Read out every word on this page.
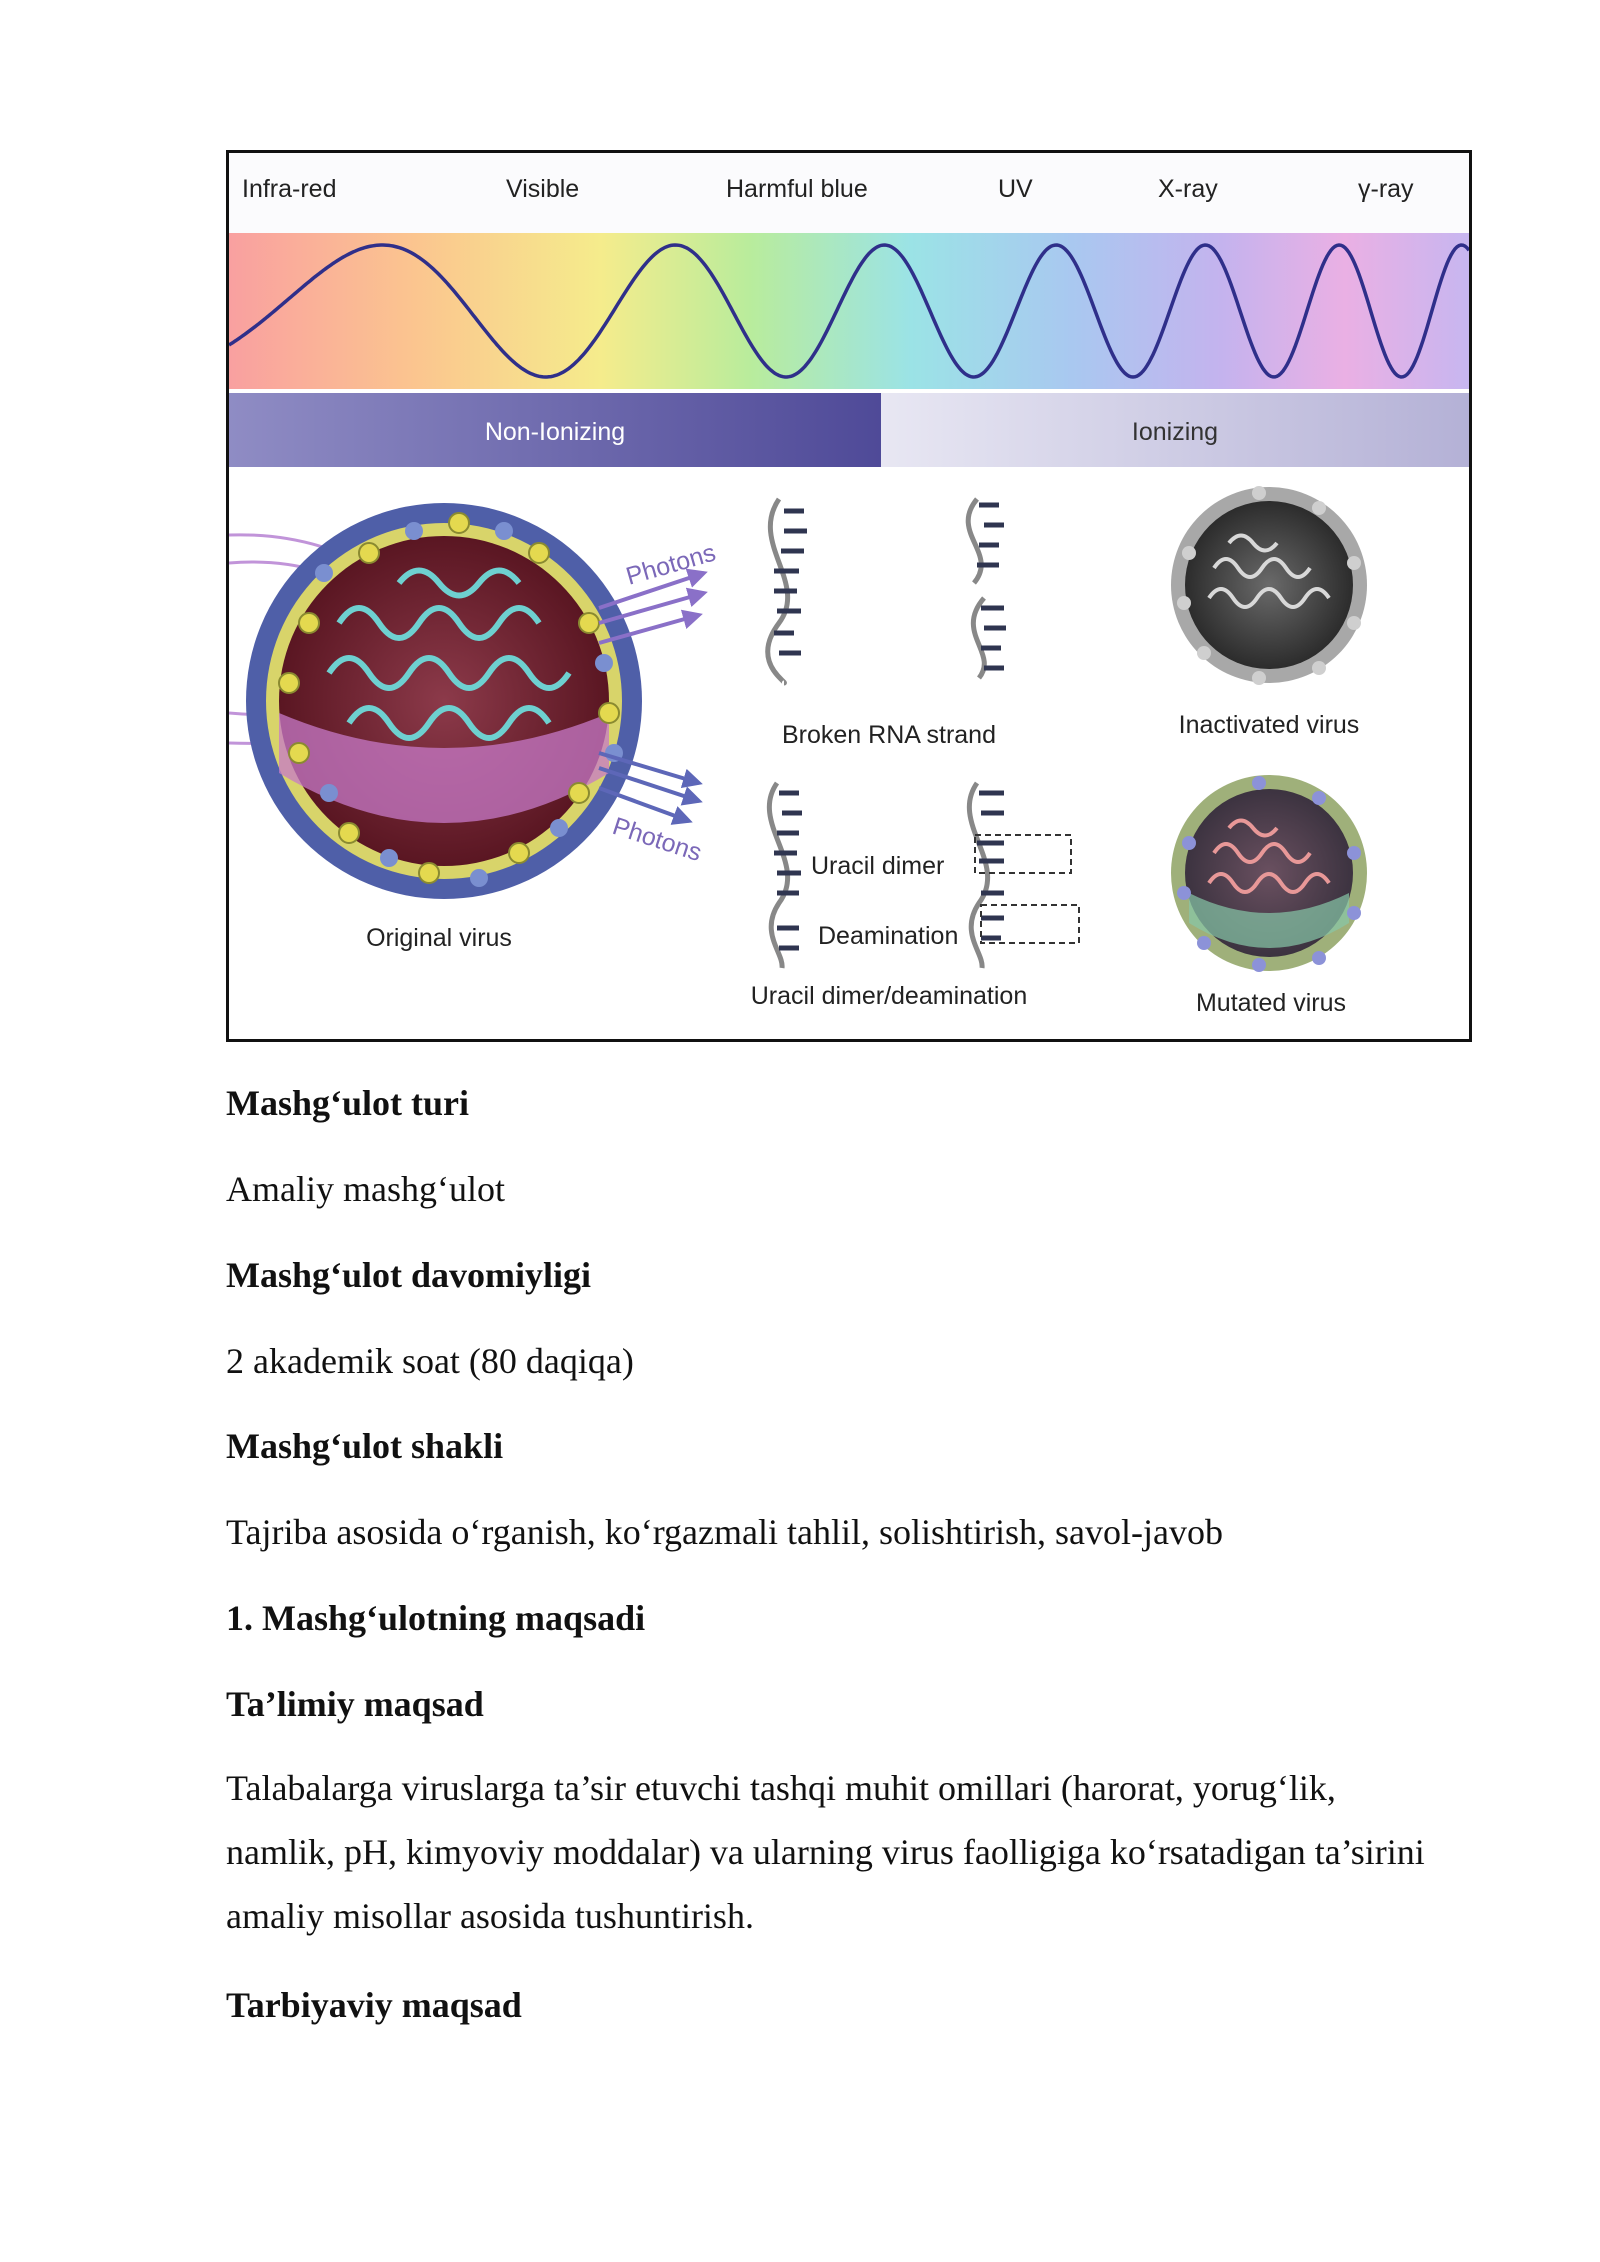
Infra-red	Visible	Harmful blue	UV	X-ray	γ-ray
Non-Ionizing	Ionizing
Photons
Photons
Original virus
Broken RNA strand
Uracil dimer
Deamination
Uracil dimer/deamination
Inactivated virus
Mutated virus
Mashg‘ulot turi
Amaliy mashg‘ulot
Mashg‘ulot davomiyligi
2 akademik soat (80 daqiqa)
Mashg‘ulot shakli
Tajriba asosida o‘rganish, ko‘rgazmali tahlil, solishtirish, savol-javob
1. Mashg‘ulotning maqsadi
Ta’limiy maqsad
Talabalarga viruslarga ta’sir etuvchi tashqi muhit omillari (harorat, yorug‘lik,
namlik, pH, kimyoviy moddalar) va ularning virus faolligiga ko‘rsatadigan ta’sirini
amaliy misollar asosida tushuntirish.
Tarbiyaviy maqsad
